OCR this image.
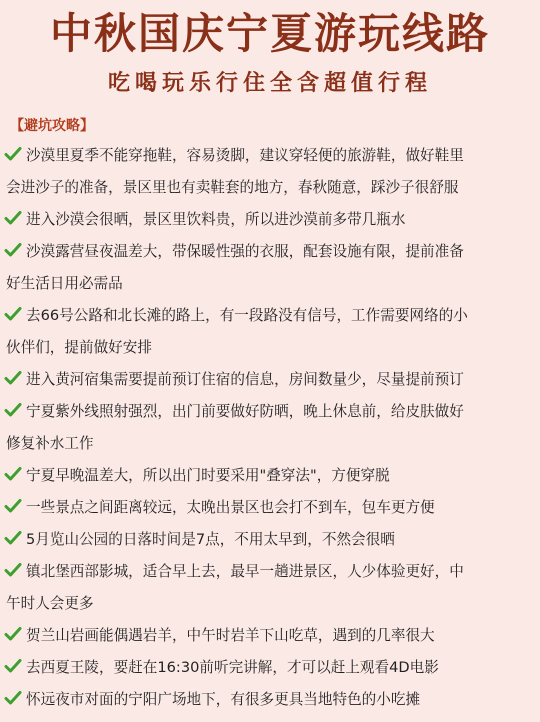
中秋国庆宁夏游玩线路
吃喝玩乐行住全含超值行程
【避坑攻略】
沙漠里夏季不能穿拖鞋，容易烫脚，建议穿轻便的旅游鞋，做好鞋里
会进沙子的准备，景区里也有卖鞋套的地方，春秋随意，踩沙子很舒服
进入沙漠会很晒，景区里饮料贵，所以进沙漠前多带几瓶水
沙漠露营昼夜温差大，带保暖性强的衣服，配套设施有限，提前准备
好生活日用必需品
去66号公路和北长滩的路上，有一段路没有信号，工作需要网络的小
伙伴们，提前做好安排
进入黄河宿集需要提前预订住宿的信息，房间数量少，尽量提前预订
宁夏紫外线照射强烈，出门前要做好防晒，晚上休息前，给皮肤做好
修复补水工作
宁夏早晚温差大，所以出门时要采用"叠穿法"，方便穿脱
一些景点之间距离较远，太晚出景区也会打不到车，包车更方便
5月览山公园的日落时间是7点，不用太早到，不然会很晒
镇北堡西部影城，适合早上去，最早一趟进景区，人少体验更好，中
午时人会更多
贺兰山岩画能偶遇岩羊，中午时岩羊下山吃草，遇到的几率很大
去西夏王陵，要赶在16:30前听完讲解，才可以赶上观看4D电影
怀远夜市对面的宁阳广场地下，有很多更具当地特色的小吃摊
